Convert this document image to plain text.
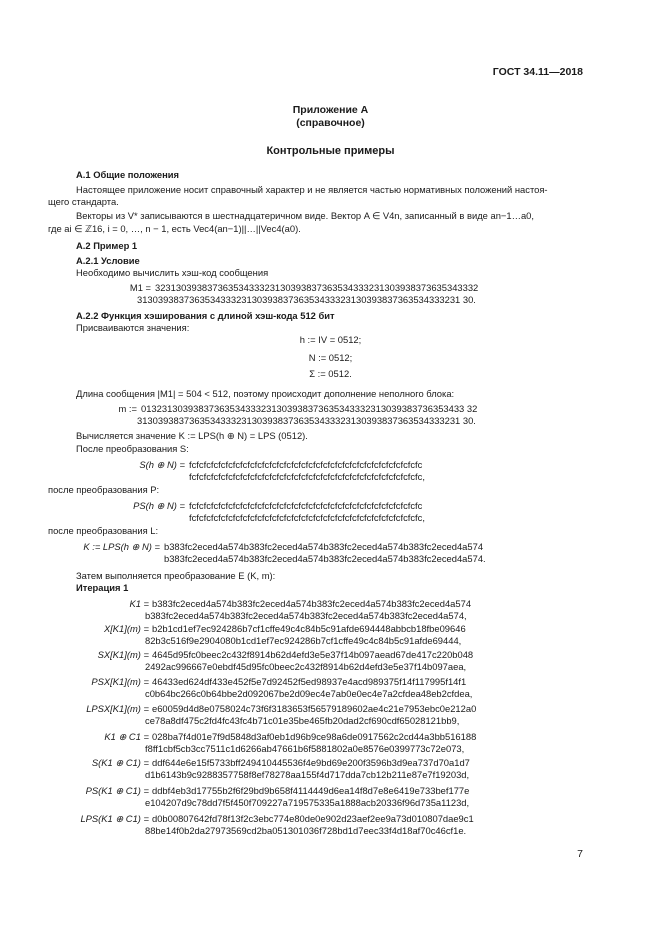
ГОСТ 34.11—2018
Приложение А
(справочное)
Контрольные примеры
А.1 Общие положения
Настоящее приложение носит справочный характер и не является частью нормативных положений настоя-
щего стандарта.
Векторы из V* записываются в шестнадцатеричном виде. Вектор A ∈ V4n, записанный в виде an−1…a0,
где ai ∈ ℤ16, i = 0, …, n − 1, есть Vec4(an−1)||…||Vec4(a0).
А.2 Пример 1
А.2.1 Условие
Необходимо вычислить хэш-код сообщения
M1 = 32313039383736353433323130393837363534333231303938373635343332
31303938373635343332313039383736353433323130393837363534333231 30.
А.2.2 Функция хэширования с длиной хэш-кода 512 бит
Присваиваются значения:
h := IV = 0512;
N := 0512;
Σ := 0512.
Длина сообщения |M1| = 504 < 512, поэтому происходит дополнение неполного блока:
m := 01323130393837363534333231303938373635343332313039383736353433 32
31303938373635343332313039383736353433323130393837363534333231 30.
Вычисляется значение K := LPS(h ⊕ N) = LPS (0512).
После преобразования S:
S(h ⊕ N) = fcfcfcfcfcfcfcfcfcfcfcfcfcfcfcfcfcfcfcfcfcfcfcfcfcfcfcfcfcfcfcfc
fcfcfcfcfcfcfcfcfcfcfcfcfcfcfcfcfcfcfcfcfcfcfcfcfcfcfcfcfcfcfcfc,
после преобразования P:
PS(h ⊕ N) = fcfcfcfcfcfcfcfcfcfcfcfcfcfcfcfcfcfcfcfcfcfcfcfcfcfcfcfcfcfcfcfc
fcfcfcfcfcfcfcfcfcfcfcfcfcfcfcfcfcfcfcfcfcfcfcfcfcfcfcfcfcfcfcfc,
после преобразования L:
K := LPS(h ⊕ N) = b383fc2eced4a574b383fc2eced4a574b383fc2eced4a574b383fc2eced4a574
b383fc2eced4a574b383fc2eced4a574b383fc2eced4a574b383fc2eced4a574.
Затем выполняется преобразование E (K, m):
Итерация 1
K1 = b383fc2eced4a574b383fc2eced4a574b383fc2eced4a574b383fc2eced4a574
b383fc2eced4a574b383fc2eced4a574b383fc2eced4a574b383fc2eced4a574,
X[K1](m) = b2b1cd1ef7ec924286b7cf1cffe49c4c84b5c91afde694448abbcb18fbe09646
82b3c516f9e2904080b1cd1ef7ec924286b7cf1cffe49c4c84b5c91afde69444,
SX[K1](m) = 4645d95fc0beec2c432f8914b62d4efd3e5e37f14b097aead67de417c220b048
2492ac996667e0ebdf45d95fc0beec2c432f8914b62d4efd3e5e37f14b097aea,
PSX[K1](m) = 46433ed624df433e452f5e7d92452f5ed98937e4acd989375f14f117995f14f1
c0b64bc266c0b64bbe2d092067be2d09ec4e7ab0e0ec4e7a2cfdea48eb2cfdea,
LPSX[K1](m) = e60059d4d8e0758024c73f6f3183653f56579189602ae4c21e7953ebc0e212a0
ce78a8df475c2fd4fc43fc4b71c01e35be465fb20dad2cf690cdf65028121bb9,
K1 ⊕ C1 = 028ba7f4d01e7f9d5848d3af0eb1d96b9ce98a6de0917562c2cd44a3bb516188
f8ff1cbf5cb3cc7511c1d6266ab47661b6f5881802a0e8576e0399773c72e073,
S(K1 ⊕ C1) = ddf644e6e15f5733bff249410445536f4e9bd69e200f3596b3d9ea737d70a1d7
d1b6143b9c9288357758f8ef78278aa155f4d717dda7cb12b211e87e7f19203d,
PS(K1 ⊕ C1) = ddbf4eb3d17755b2f6f29bd9b658f4114449d6ea14f8d7e8e6419e733bef177e
e104207d9c78dd7f5f450f709227a719575335a1888acb20336f96d735a1123d,
LPS(K1 ⊕ C1) = d0b00807642fd78f13f2c3ebc774e80de0e902d23aef2ee9a73d010807dae9c1
88be14f0b2da27973569cd2ba051301036f728bd1d7eec33f4d18af70c46cf1e.
7
